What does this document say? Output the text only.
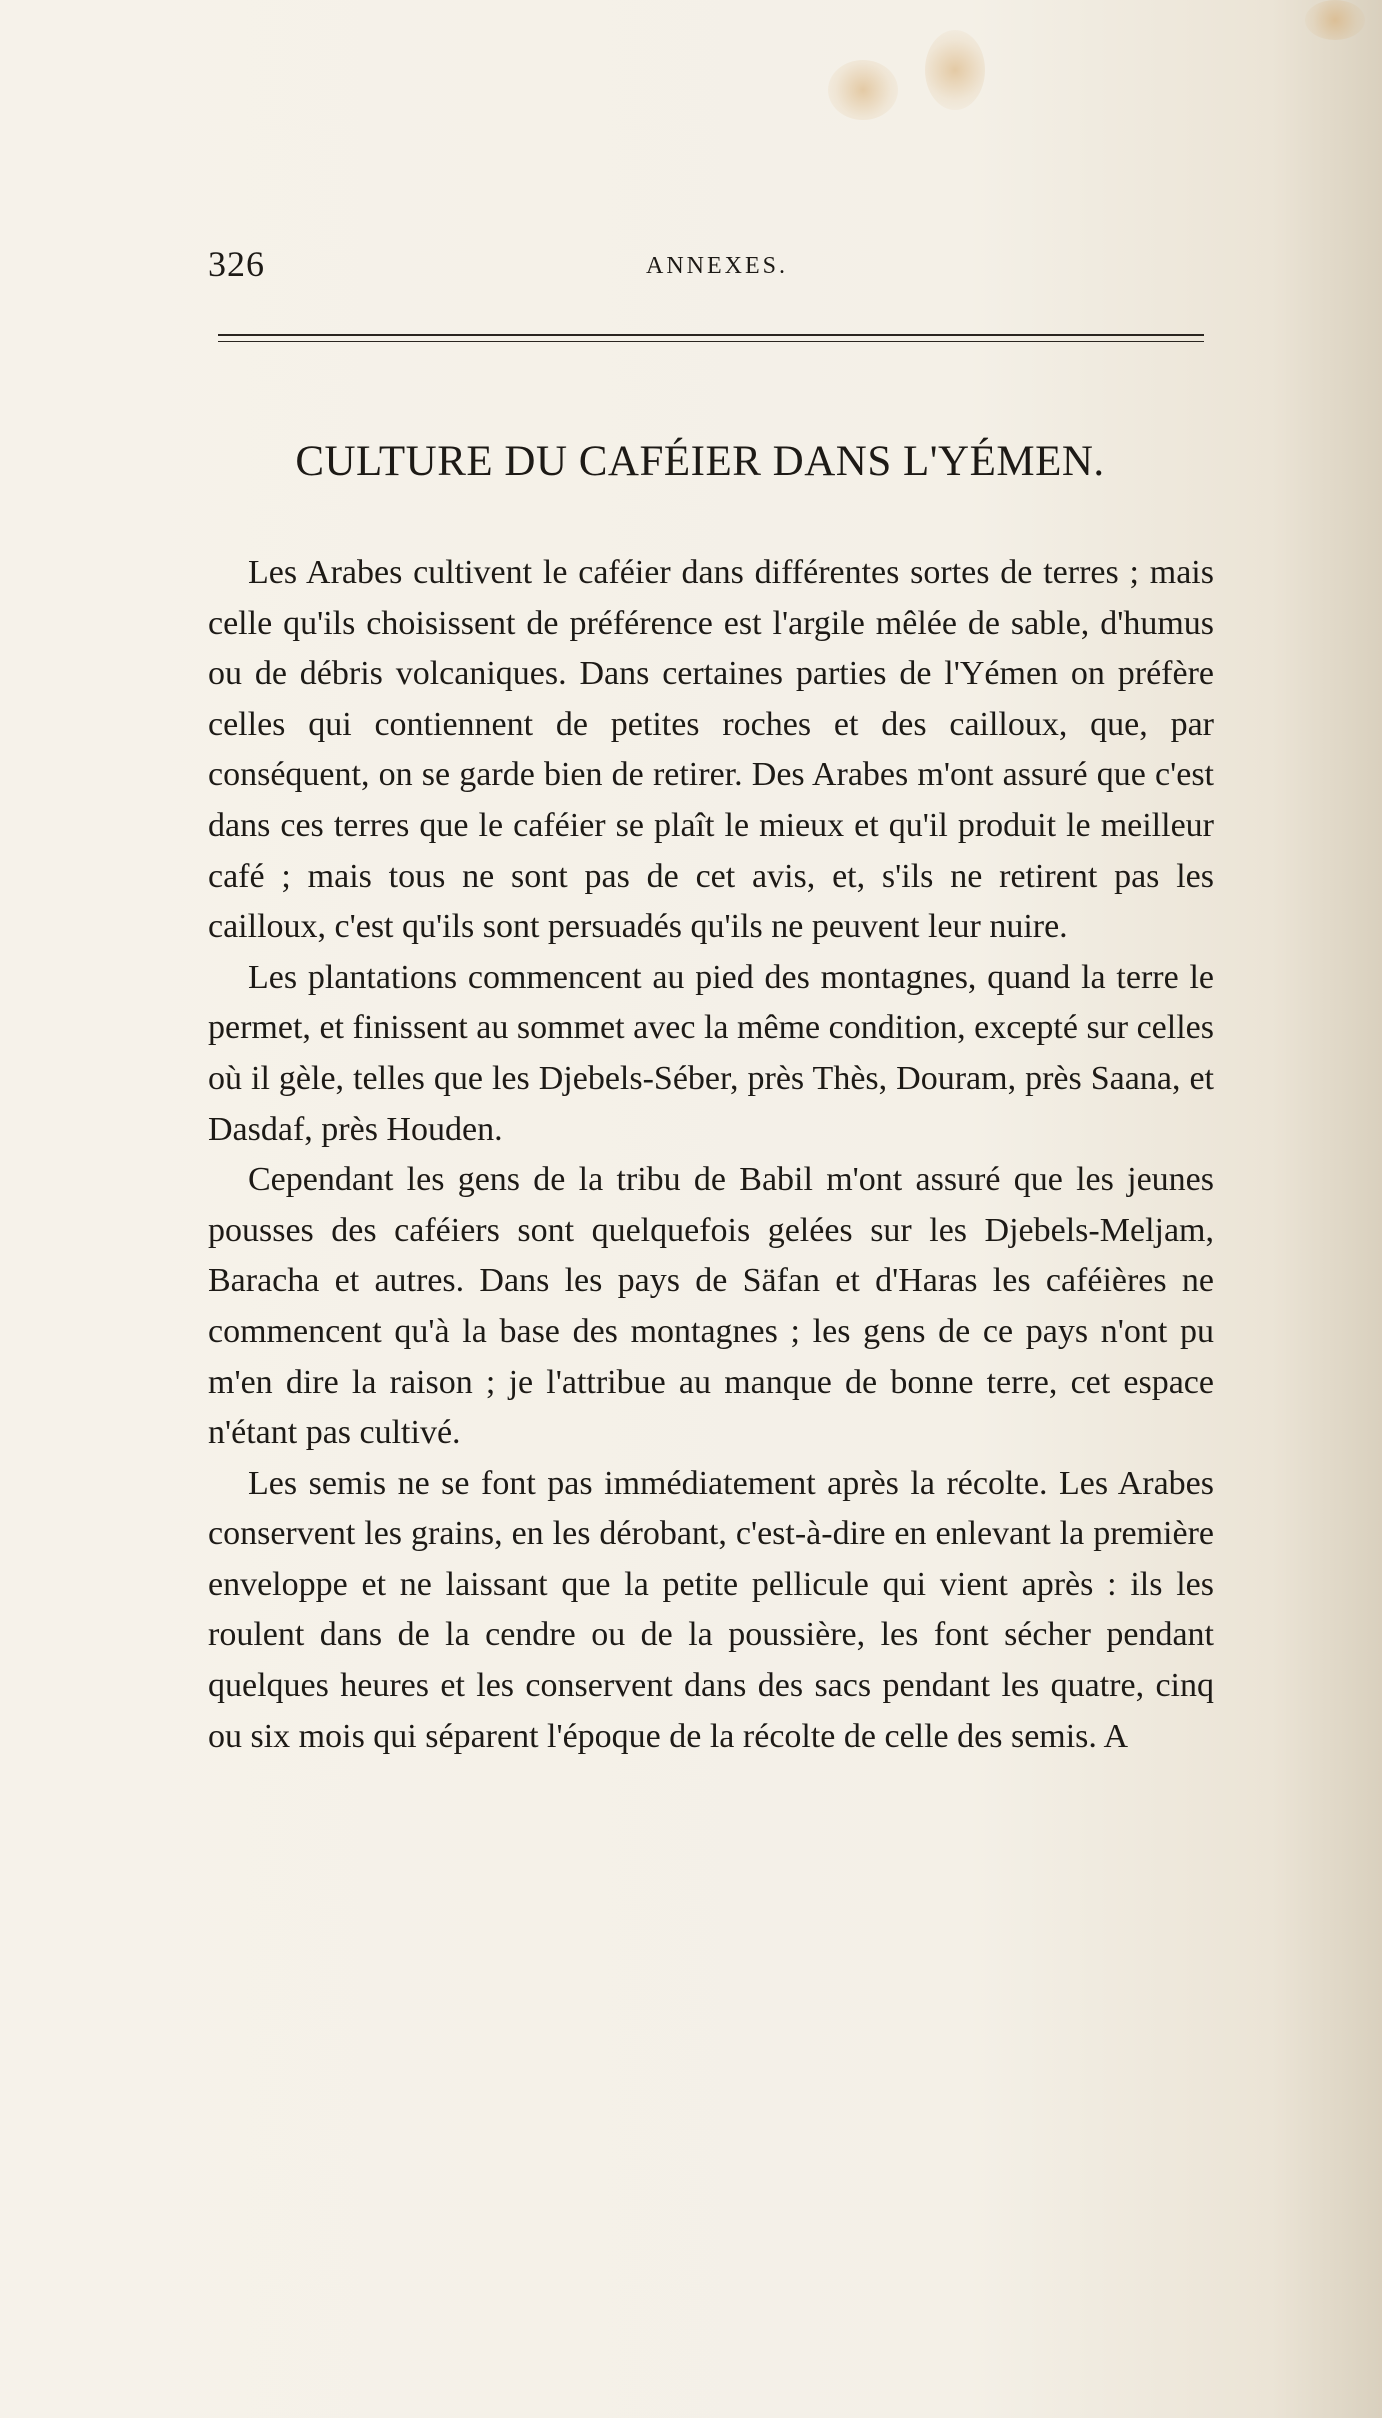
326	ANNEXES.
CULTURE DU CAFÉIER DANS L'YÉMEN.

Les Arabes cultivent le caféier dans différentes sortes de terres ; mais celle qu'ils choisissent de préférence est l'argile mêlée de sable, d'humus ou de débris volcaniques. Dans certaines parties de l'Yémen on préfère celles qui contiennent de petites roches et des cailloux, que, par conséquent, on se garde bien de retirer. Des Arabes m'ont assuré que c'est dans ces terres que le caféier se plaît le mieux et qu'il produit le meilleur café ; mais tous ne sont pas de cet avis, et, s'ils ne retirent pas les cailloux, c'est qu'ils sont persuadés qu'ils ne peuvent leur nuire.

Les plantations commencent au pied des montagnes, quand la terre le permet, et finissent au sommet avec la même condition, excepté sur celles où il gèle, telles que les Djebels-Séber, près Thès, Douram, près Saana, et Dasdaf, près Houden.

Cependant les gens de la tribu de Babil m'ont assuré que les jeunes pousses des caféiers sont quelquefois gelées sur les Djebels-Meljam, Baracha et autres. Dans les pays de Säfan et d'Haras les caféières ne commencent qu'à la base des montagnes ; les gens de ce pays n'ont pu m'en dire la raison ; je l'attribue au manque de bonne terre, cet espace n'étant pas cultivé.

Les semis ne se font pas immédiatement après la récolte. Les Arabes conservent les grains, en les dérobant, c'est-à-dire en enlevant la première enveloppe et ne laissant que la petite pellicule qui vient après : ils les roulent dans de la cendre ou de la poussière, les font sécher pendant quelques heures et les conservent dans des sacs pendant les quatre, cinq ou six mois qui séparent l'époque de la récolte de celle des semis. A
